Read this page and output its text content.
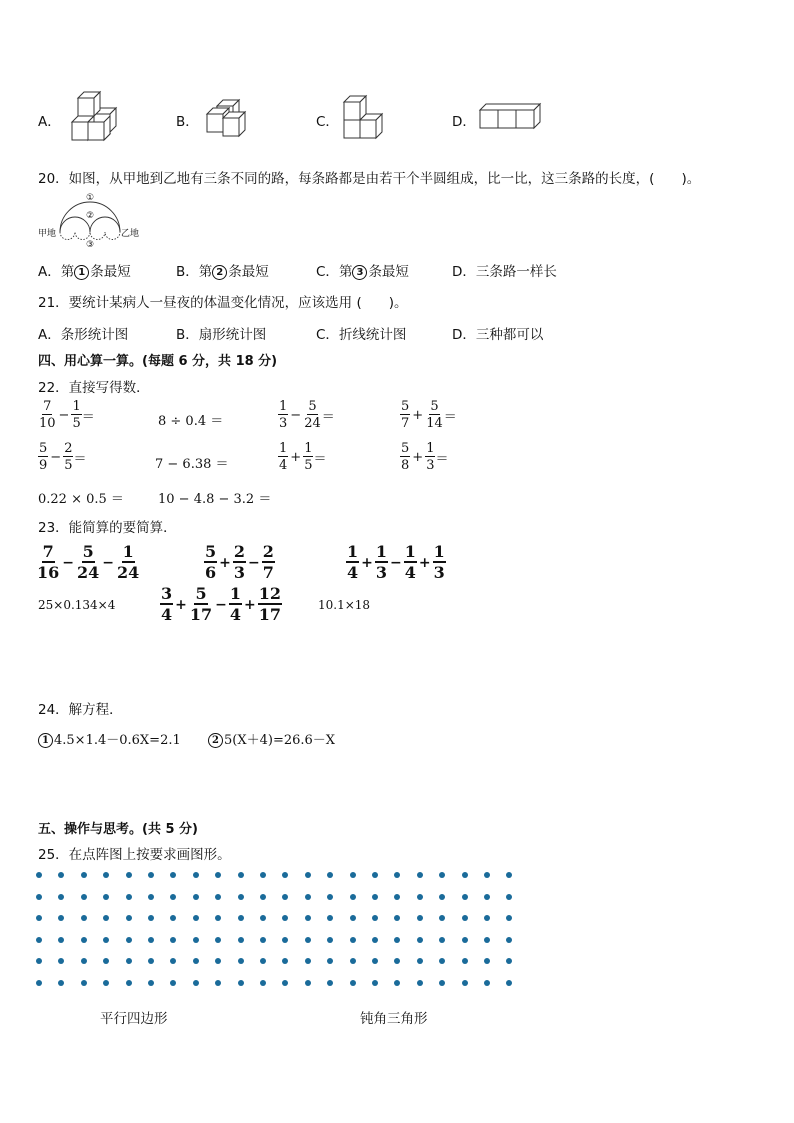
A．	B．	C．	D．
20．如图，从甲地到乙地有三条不同的路，每条路都是由若干个半圆组成，比一比，这三条路的长度，(　　)。
甲地	乙地
①
②
③
A．第 1 条最短	B．第 2 条最短	C．第 3 条最短	D．三条路一样长
21．要统计某病人一昼夜的体温变化情况，应该选用 (　　)。
A．条形统计图	B．扇形统计图	C．折线统计图	D．三种都可以
四、用心算一算。(每题 6 分，共 18 分)
22．直接写得数．
$\frac{7}{10} - \frac{1}{5}$ ＝	8 ÷ 0.4 ＝	$\frac{1}{3} - \frac{5}{24}$ ＝	$\frac{5}{7} + \frac{5}{14}$ ＝
$\frac{5}{9} - \frac{2}{5}$ ＝	7 − 6.38 ＝	$\frac{1}{4} + \frac{1}{5}$ ＝	$\frac{5}{8} + \frac{1}{3}$ ＝
0.22 × 0.5 ＝	10 − 4.8 − 3.2 ＝
23．能简算的要简算．
$\frac{7}{16} - \frac{5}{24} - \frac{1}{24}$	$\frac{5}{6} + \frac{2}{3} - \frac{2}{7}$	$\frac{1}{4} + \frac{1}{3} - \frac{1}{4} + \frac{1}{3}$
25×0.134×4	$\frac{3}{4} + \frac{5}{17} - \frac{1}{4} + \frac{12}{17}$	10.1×18
24．解方程．
1 4.5×1.4－0.6X=2.1	2 5(X＋4)=26.6－X
五、操作与思考。(共 5 分)
25．在点阵图上按要求画图形。
平行四边形	钝角三角形
